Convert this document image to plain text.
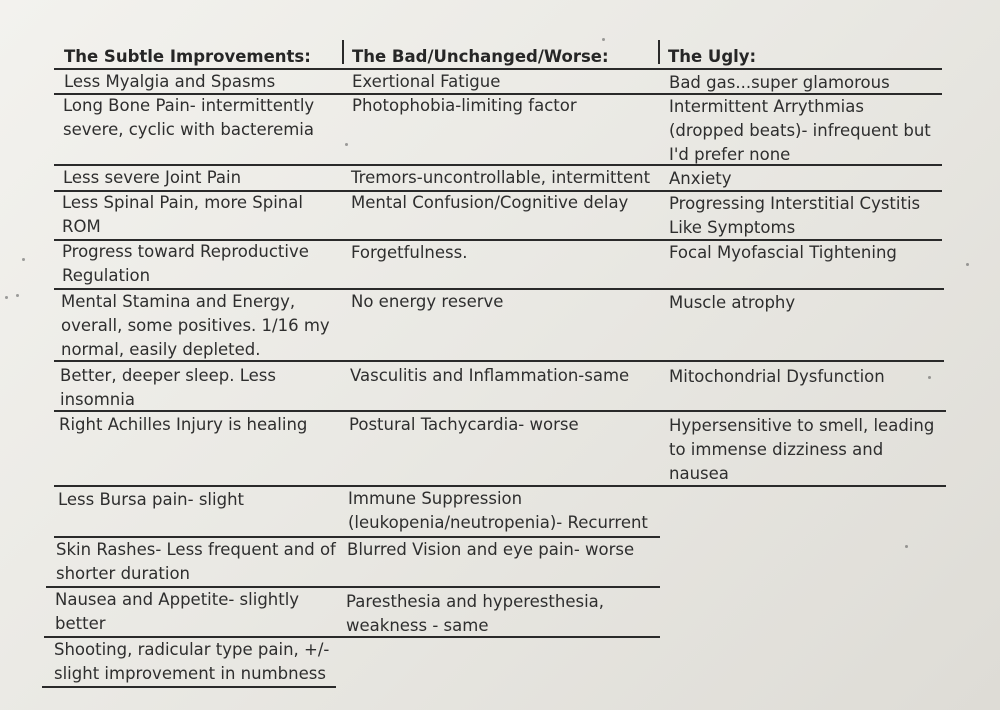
The Subtle Improvements: The Bad/Unchanged/Worse:	The Ugly:
Less Myalgia and Spasms
Long Bone Pain- intermittently
severe, cyclic with bacteremia
Less severe Joint Pain
Less Spinal Pain, more Spinal
ROM
Progress toward Reproductive
Regulation
Mental Stamina and Energy,
overall, some positives. 1/16 my
normal, easily depleted.
Better, deeper sleep. Less
insomnia
Right Achilles Injury is healing
Less Bursa pain- slight
Skin Rashes- Less frequent and of
shorter duration
Nausea and Appetite- slightly
better
Shooting, radicular type pain, +/-
slight improvement in numbness
Exertional Fatigue
Photophobia-limiting factor
Tremors-uncontrollable, intermittent
Mental Confusion/Cognitive delay
Forgetfulness.
No energy reserve
Vasculitis and Inflammation-same
Postural Tachycardia- worse
Immune Suppression
(leukopenia/neutropenia)- Recurrent
Blurred Vision and eye pain- worse
Paresthesia and hyperesthesia,
weakness - same
Bad gas...super glamorous
Intermittent Arrythmias
(dropped beats)- infrequent but
I'd prefer none
Anxiety
Progressing Interstitial Cystitis
Like Symptoms
Focal Myofascial Tightening
Muscle atrophy
Mitochondrial Dysfunction
Hypersensitive to smell, leading
to immense dizziness and
nausea
